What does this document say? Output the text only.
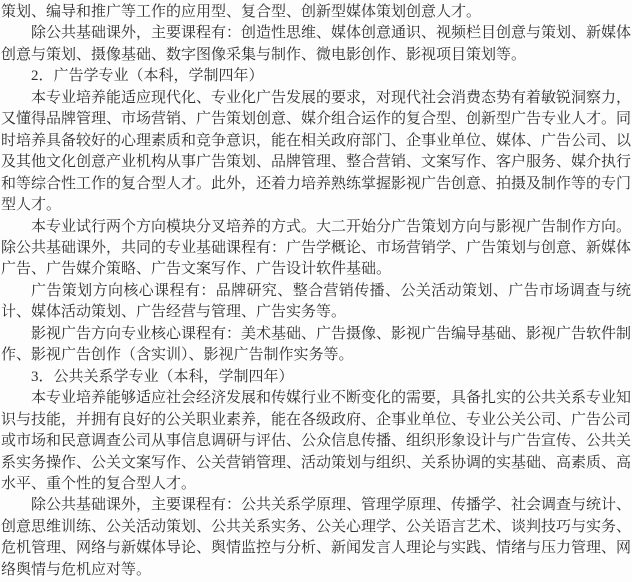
策划、编导和推广等工作的应用型、复合型、创新型媒体策划创意人才。

除公共基础课外，主要课程有：创造性思维、媒体创意通识、视频栏目创意与策划、新媒体创意与策划、摄像基础、数字图像采集与制作、微电影创作、影视项目策划等。

2．广告学专业（本科，学制四年）

本专业培养能适应现代化、专业化广告发展的要求，对现代社会消费态势有着敏锐洞察力，又懂得品牌管理、市场营销、广告策划创意、媒介组合运作的复合型、创新型广告专业人才。同时培养具备较好的心理素质和竞争意识，能在相关政府部门、企事业单位、媒体、广告公司、以及其他文化创意产业机构从事广告策划、品牌管理、整合营销、文案写作、客户服务、媒介执行和等综合性工作的复合型人才。此外，还着力培养熟练掌握影视广告创意、拍摄及制作等的专门型人才。

本专业试行两个方向模块分叉培养的方式。大二开始分广告策划方向与影视广告制作方向。除公共基础课外，共同的专业基础课程有：广告学概论、市场营销学、广告策划与创意、新媒体广告、广告媒介策略、广告文案写作、广告设计软件基础。

广告策划方向核心课程有：品牌研究、整合营销传播、公关活动策划、广告市场调查与统计、媒体活动策划、广告经营与管理、广告实务等。

影视广告方向专业核心课程有：美术基础、广告摄像、影视广告编导基础、影视广告软件制作、影视广告创作（含实训）、影视广告制作实务等。

3．公共关系学专业（本科，学制四年）

本专业培养能够适应社会经济发展和传媒行业不断变化的需要，具备扎实的公共关系专业知识与技能，并拥有良好的公关职业素养，能在各级政府、企事业单位、专业公关公司、广告公司或市场和民意调查公司从事信息调研与评估、公众信息传播、组织形象设计与广告宣传、公共关系实务操作、公关文案写作、公关营销管理、活动策划与组织、关系协调的实基础、高素质、高水平、重个性的复合型人才。

除公共基础课外，主要课程有：公共关系学原理、管理学原理、传播学、社会调查与统计、创意思维训练、公关活动策划、公共关系实务、公关心理学、公关语言艺术、谈判技巧与实务、危机管理、网络与新媒体导论、舆情监控与分析、新闻发言人理论与实践、情绪与压力管理、网络舆情与危机应对等。
